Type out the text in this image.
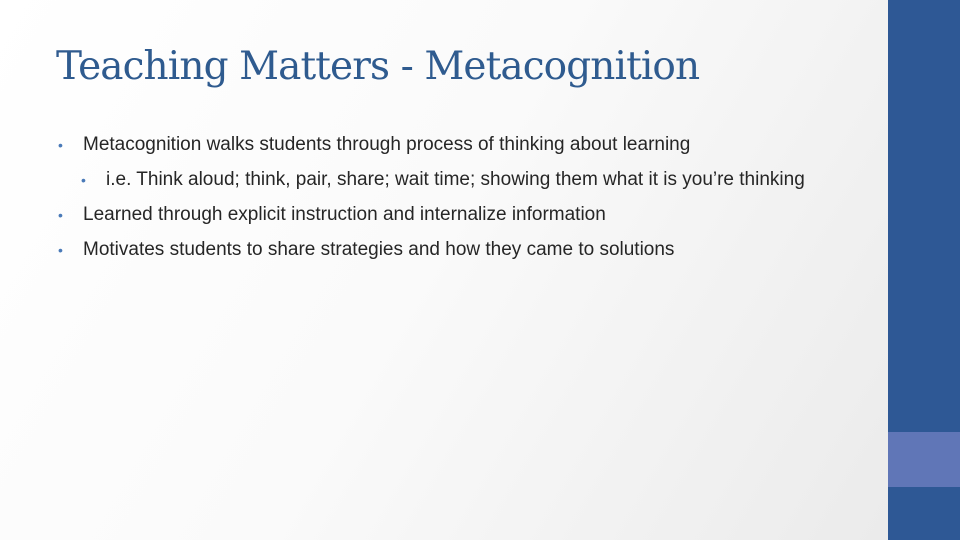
Teaching Matters - Metacognition
• Metacognition walks students through process of thinking about learning
• i.e. Think aloud; think, pair, share; wait time; showing them what it is you’re thinking
• Learned through explicit instruction and internalize information
• Motivates students to share strategies and how they came to solutions
